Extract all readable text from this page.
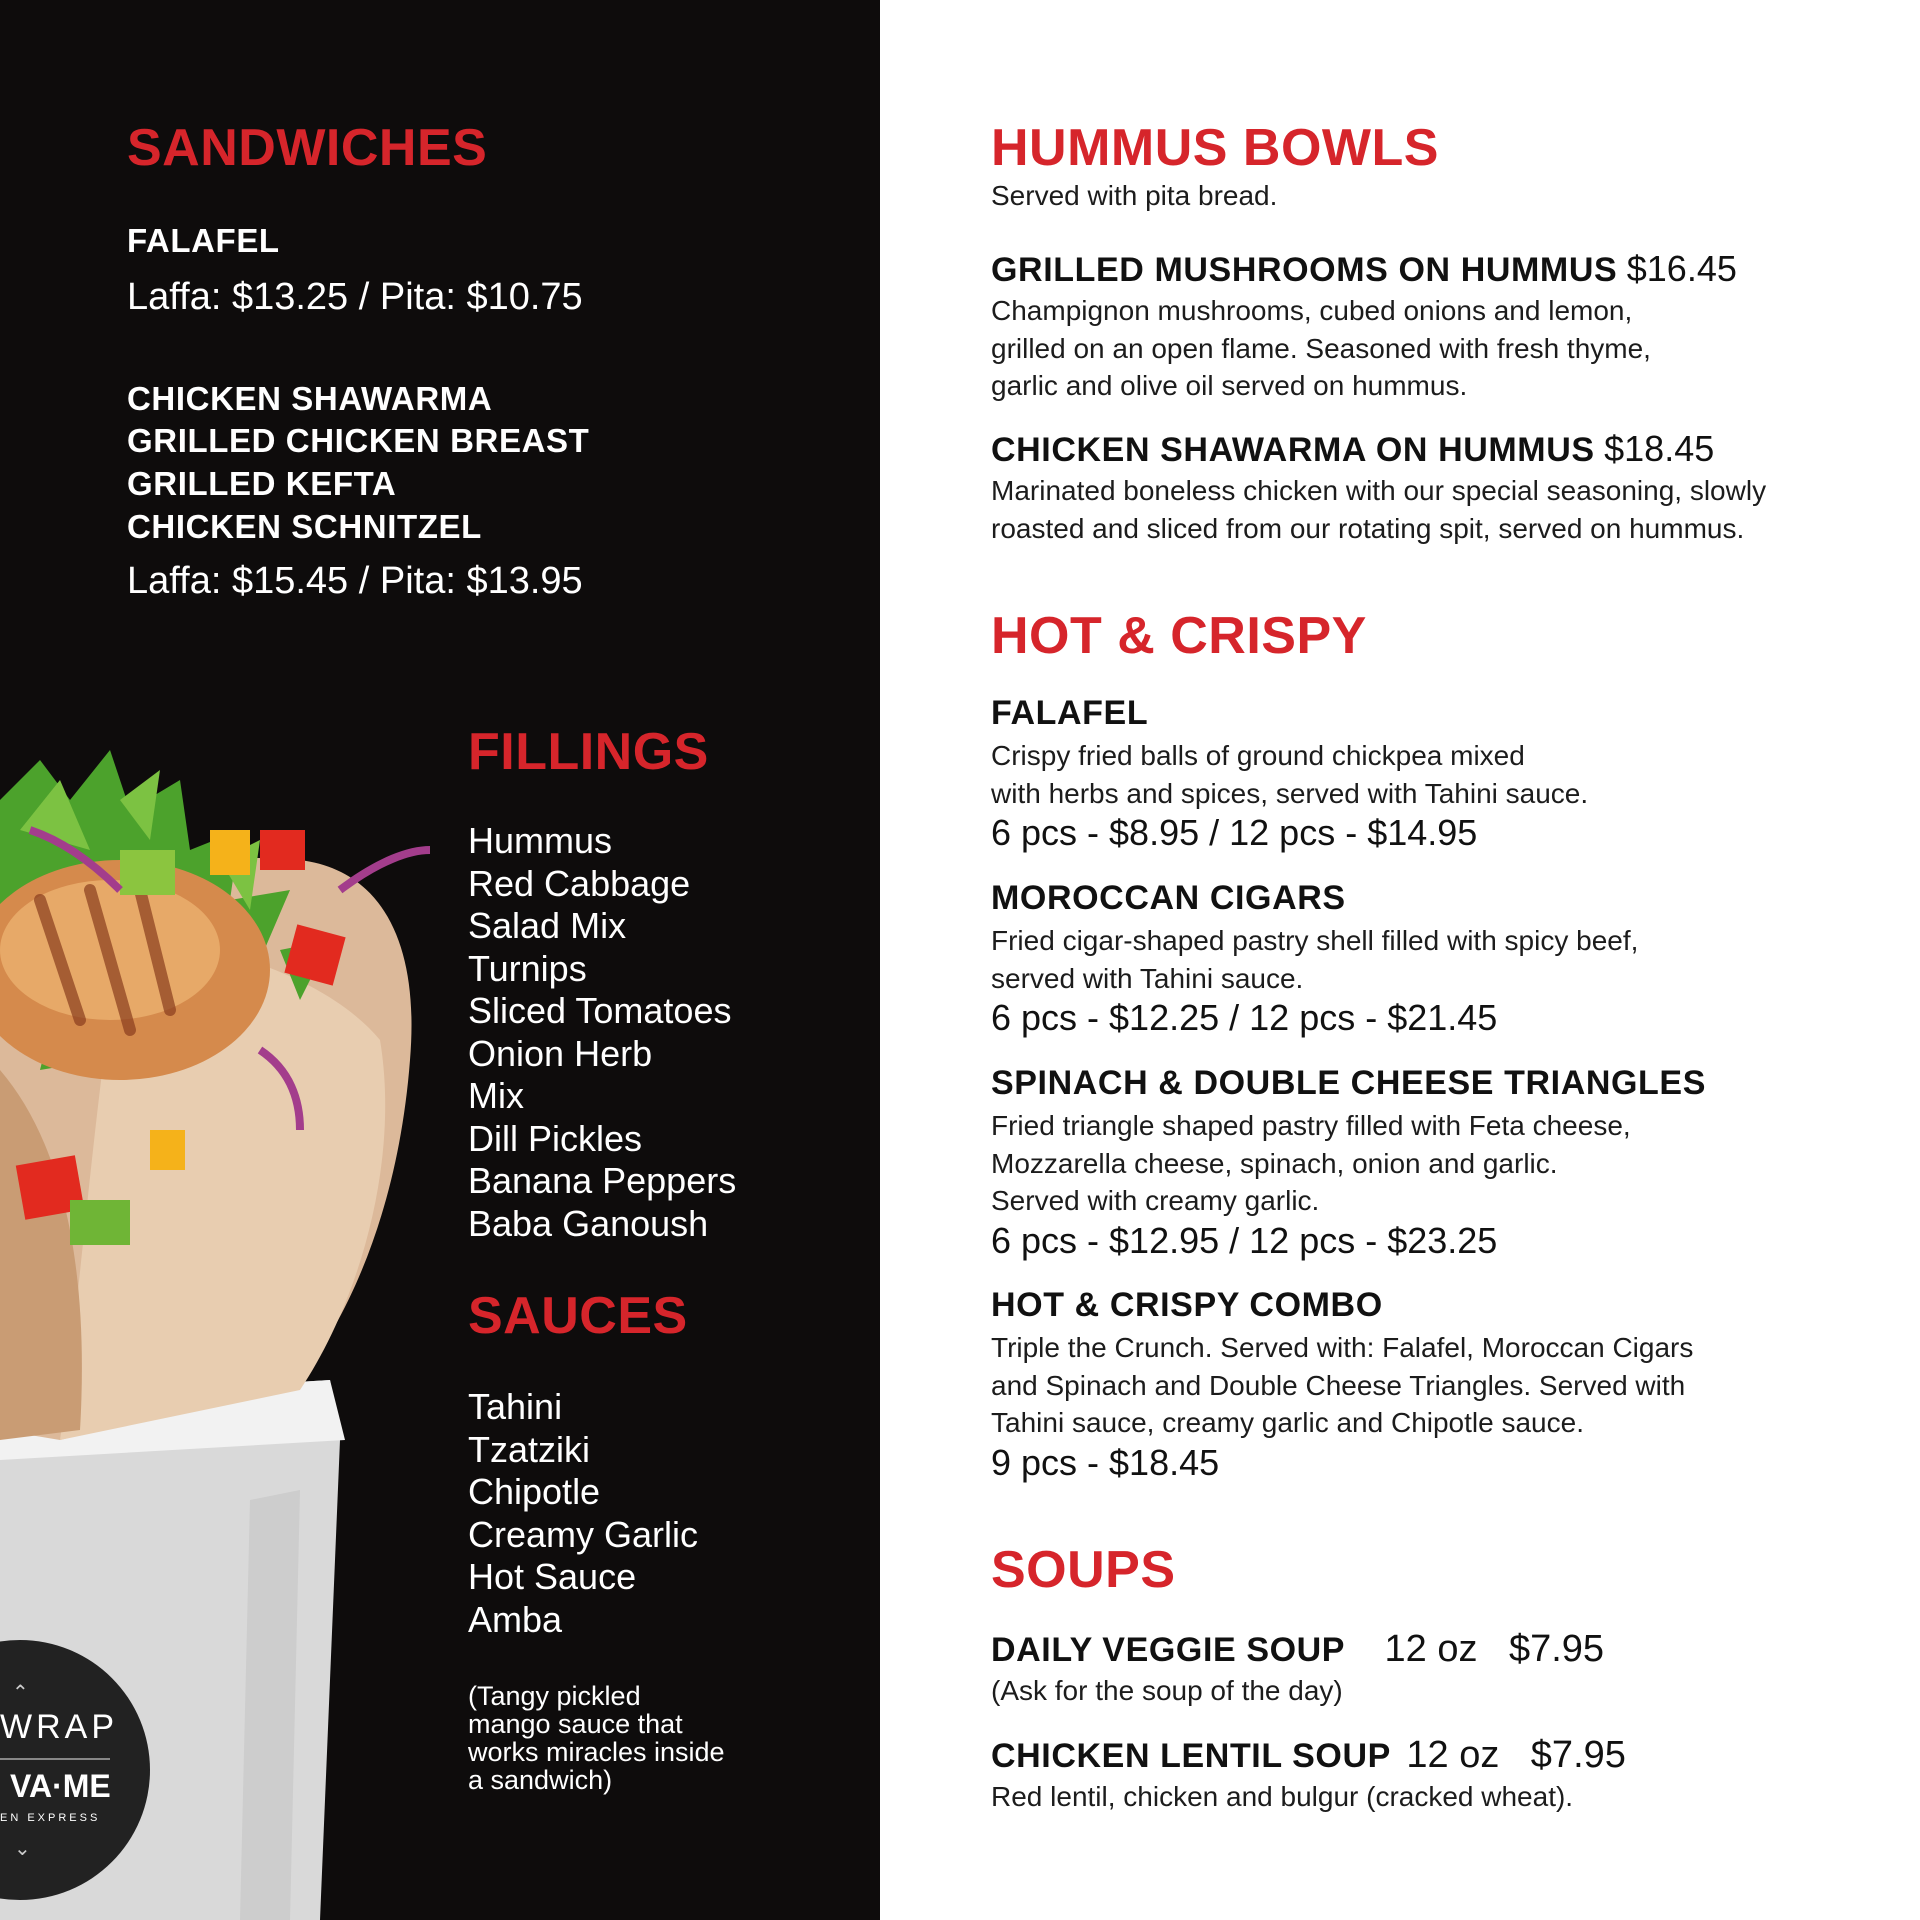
⌃
WRAP
VA·ME
EN EXPRESS
⌄
SANDWICHES
FALAFEL
Laffa: $13.25 / Pita: $10.75
CHICKEN SHAWARMA
GRILLED CHICKEN BREAST
GRILLED KEFTA
CHICKEN SCHNITZEL
Laffa: $15.45 / Pita: $13.95
FILLINGS
Hummus
Red Cabbage
Salad Mix
Turnips
Sliced Tomatoes
Onion Herb
Mix
Dill Pickles
Banana Peppers
Baba Ganoush
SAUCES
Tahini
Tzatziki
Chipotle
Creamy Garlic
Hot Sauce
Amba
(Tangy pickled
mango sauce that
works miracles inside
a sandwich)
HUMMUS BOWLS
Served with pita bread.
GRILLED MUSHROOMS ON HUMMUS $16.45
Champignon mushrooms, cubed onions and lemon,
grilled on an open flame. Seasoned with fresh thyme,
garlic and olive oil served on hummus.
CHICKEN SHAWARMA ON HUMMUS $18.45
Marinated boneless chicken with our special seasoning, slowly
roasted and sliced from our rotating spit, served on hummus.
HOT & CRISPY
FALAFEL
Crispy fried balls of ground chickpea mixed
with herbs and spices, served with Tahini sauce.
6 pcs - $8.95 / 12 pcs - $14.95
MOROCCAN CIGARS
Fried cigar-shaped pastry shell filled with spicy beef,
served with Tahini sauce.
6 pcs - $12.25 / 12 pcs - $21.45
SPINACH & DOUBLE CHEESE TRIANGLES
Fried triangle shaped pastry filled with Feta cheese,
Mozzarella cheese, spinach, onion and garlic.
Served with creamy garlic.
6 pcs - $12.95 / 12 pcs - $23.25
HOT & CRISPY COMBO
Triple the Crunch. Served with: Falafel, Moroccan Cigars
and Spinach and Double Cheese Triangles. Served with
Tahini sauce, creamy garlic and Chipotle sauce.
9 pcs - $18.45
SOUPS
DAILY VEGGIE SOUP 12 oz $7.95
(Ask for the soup of the day)
CHICKEN LENTIL SOUP 12 oz $7.95
Red lentil, chicken and bulgur (cracked wheat).
